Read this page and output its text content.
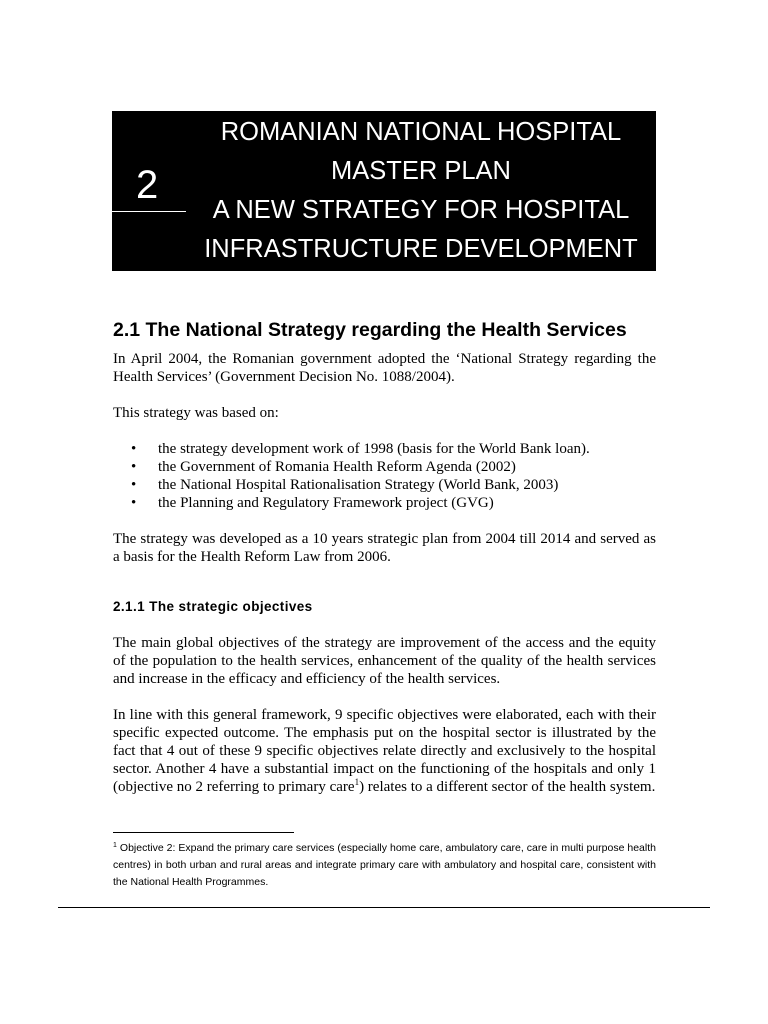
2
ROMANIAN NATIONAL HOSPITAL
MASTER PLAN
A NEW STRATEGY FOR HOSPITAL
INFRASTRUCTURE DEVELOPMENT
2.1 The National Strategy regarding the Health Services

In April 2004, the Romanian government adopted the ‘National Strategy regarding the Health Services’ (Government Decision No. 1088/2004).

This strategy was based on:

• the strategy development work of 1998 (basis for the World Bank loan).
• the Government of Romania Health Reform Agenda (2002)
• the National Hospital Rationalisation Strategy (World Bank, 2003)
• the Planning and Regulatory Framework project (GVG)

The strategy was developed as a 10 years strategic plan from 2004 till 2014 and served as a basis for the Health Reform Law from 2006.

2.1.1 The strategic objectives

The main global objectives of the strategy are improvement of the access and the equity of the population to the health services, enhancement of the quality of the health services and increase in the efficacy and efficiency of the health services.

In line with this general framework, 9 specific objectives were elaborated, each with their specific expected outcome. The emphasis put on the hospital sector is illustrated by the fact that 4 out of these 9 specific objectives relate directly and exclusively to the hospital sector. Another 4 have a substantial impact on the functioning of the hospitals and only 1 (objective no 2 referring to primary care$^1$) relates to a different sector of the health system.

$^1$ Objective 2: Expand the primary care services (especially home care, ambulatory care, care in multi purpose health centres) in both urban and rural areas and integrate primary care with ambulatory and hospital care, consistent with the National Health Programmes.
